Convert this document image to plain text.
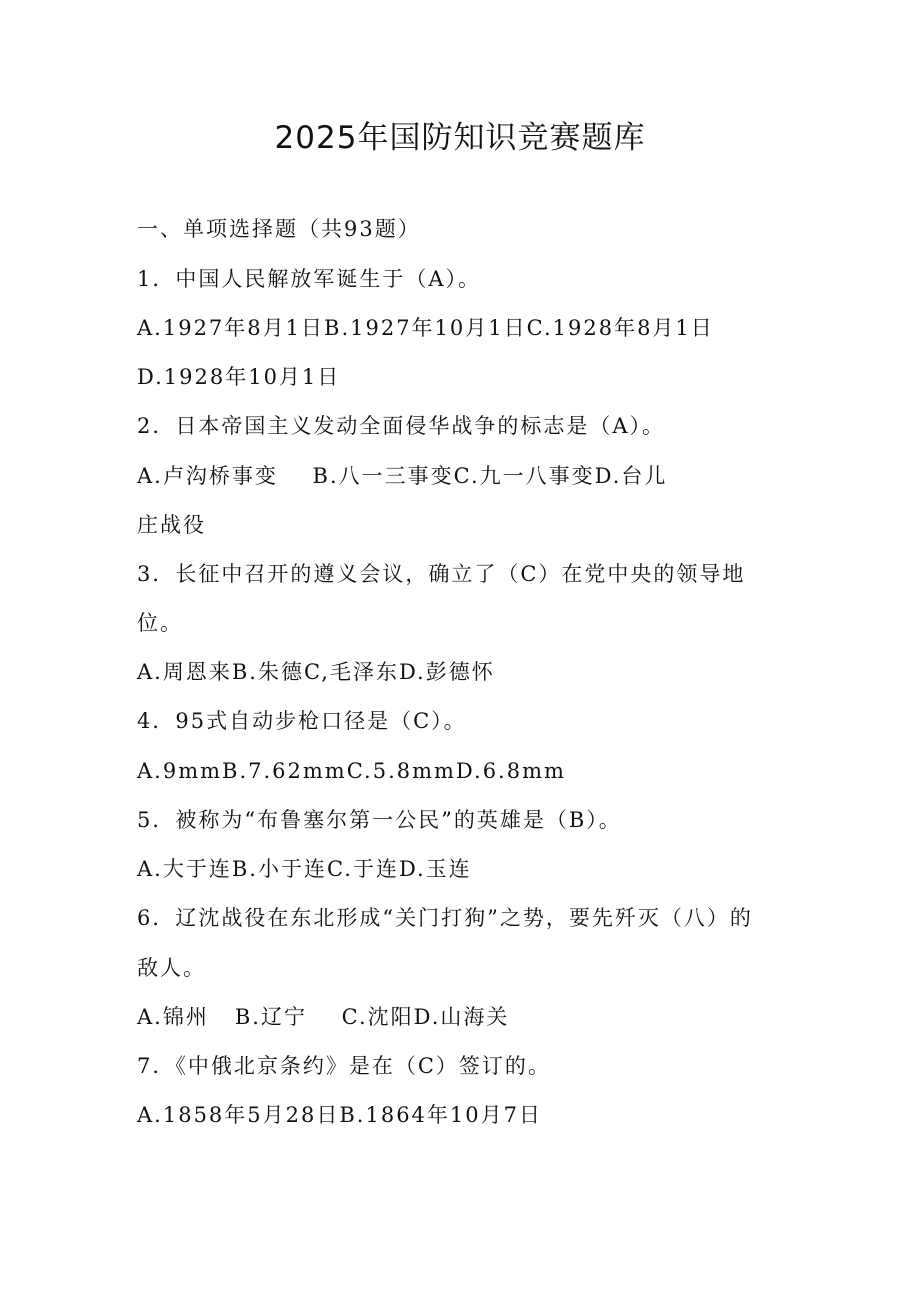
2025年国防知识竞赛题库
一、单项选择题（共93题）
1．中国人民解放军诞生于（A）。
A.1927年8月1日B.1927年10月1日C.1928年8月1日
D.1928年10月1日
2．日本帝国主义发动全面侵华战争的标志是（A）。
A.卢沟桥事变    B.八一三事变C.九一八事变D.台儿
庄战役
3．长征中召开的遵义会议，确立了（C）在党中央的领导地
位。
A.周恩来B.朱德C,毛泽东D.彭德怀
4．95式自动步枪口径是（C）。
A.9mmB.7.62mmC.5.8mmD.6.8mm
5．被称为“布鲁塞尔第一公民”的英雄是（B）。
A.大于连B.小于连C.于连D.玉连
6．辽沈战役在东北形成“关门打狗”之势，要先歼灭（八）的
敌人。
A.锦州   B.辽宁    C.沈阳D.山海关
7．《中俄北京条约》是在（C）签订的。
A.1858年5月28日B.1864年10月7日
